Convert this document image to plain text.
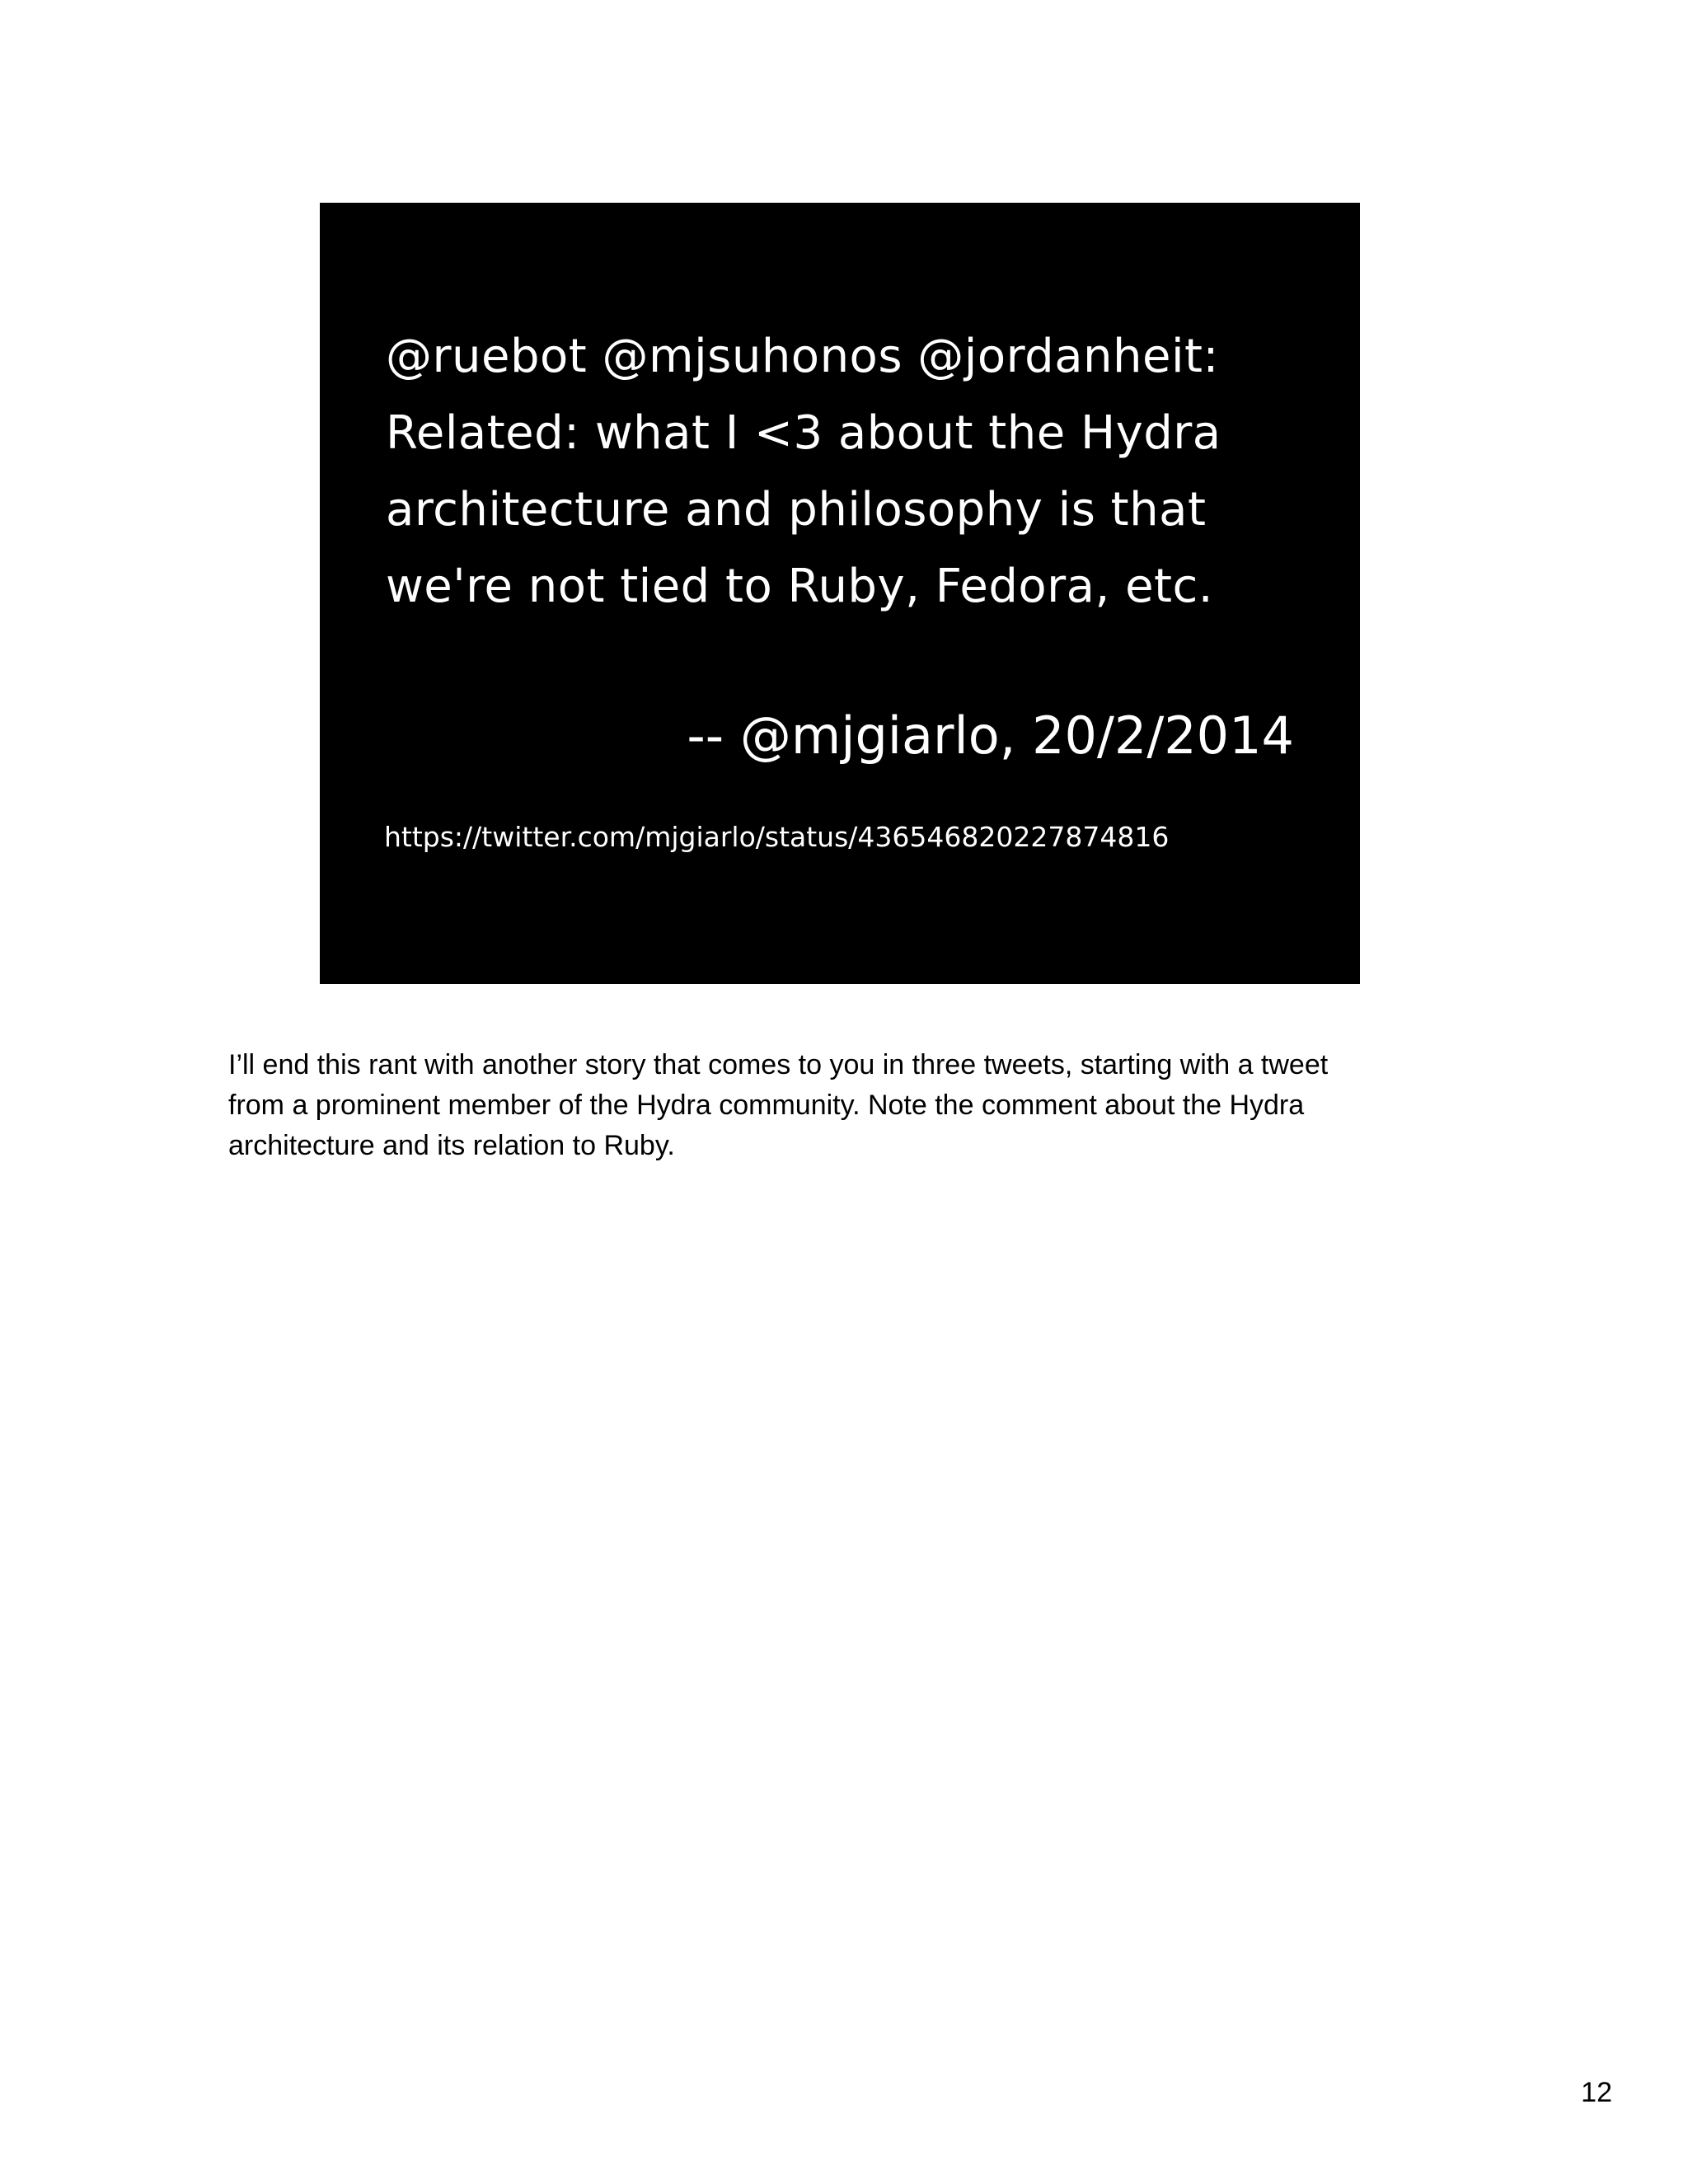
@ruebot @mjsuhonos @jordanheit:
Related: what I <3 about the Hydra
architecture and philosophy is that
we're not tied to Ruby, Fedora, etc.

-- @mjgiarlo, 20/2/2014

https://twitter.com/mjgiarlo/status/436546820227874816

I’ll end this rant with another story that comes to you in three tweets, starting with a tweet
from a prominent member of the Hydra community. Note the comment about the Hydra
architecture and its relation to Ruby.

12
